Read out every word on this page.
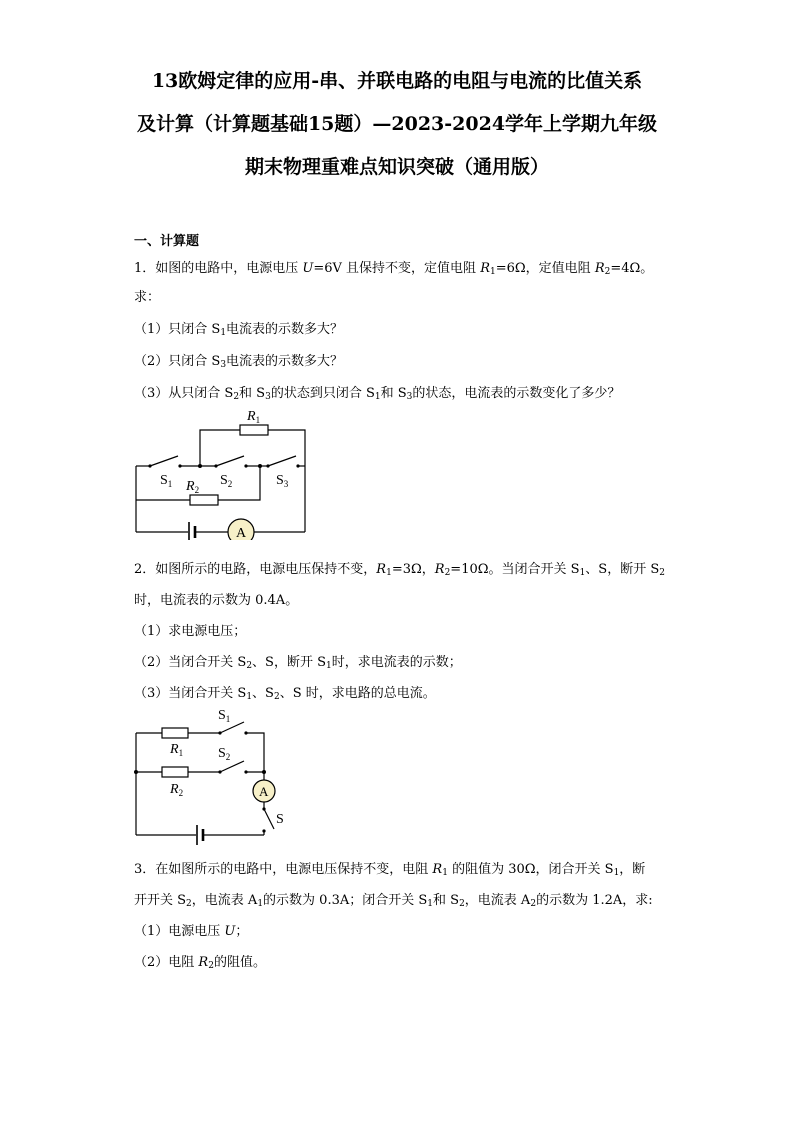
13欧姆定律的应用-串、并联电路的电阻与电流的比值关系
及计算（计算题基础15题）—2023-2024学年上学期九年级
期末物理重难点知识突破（通用版）
一、计算题
1．如图的电路中，电源电压 U=6V 且保持不变，定值电阻 $R_1=6\Omega$，定值电阻 $R_2=4\Omega$。
求：
（1）只闭合 $S_1$电流表的示数多大？
（2）只闭合 $S_3$电流表的示数多大？
（3）从只闭合 $S_2$和 $S_3$的状态到只闭合 $S_1$和 $S_3$的状态，电流表的示数变化了多少？
2．如图所示的电路，电源电压保持不变，$R_1=3\Omega$，$R_2=10\Omega$。当闭合开关 $S_1$、S，断开 $S_2$
时，电流表的示数为 0.4A。
（1）求电源电压；
（2）当闭合开关 $S_2$、S，断开 $S_1$时，求电流表的示数；
（3）当闭合开关 $S_1$、$S_2$、S 时，求电路的总电流。
3．在如图所示的电路中，电源电压保持不变，电阻 $R_1$ 的阻值为 30Ω，闭合开关 $S_1$，断
开开关 $S_2$，电流表 $A_1$的示数为 0.3A；闭合开关 $S_1$和 $S_2$，电流表 $A_2$的示数为 1.2A，求:
（1）电源电压 U；
（2）电阻 $R_2$的阻值。
$R_1$
$S_1$	$S_2$	$S_3$
$R_2$
A
$S_1$
$R_1$ $S_2$
$R_2$	A
S
